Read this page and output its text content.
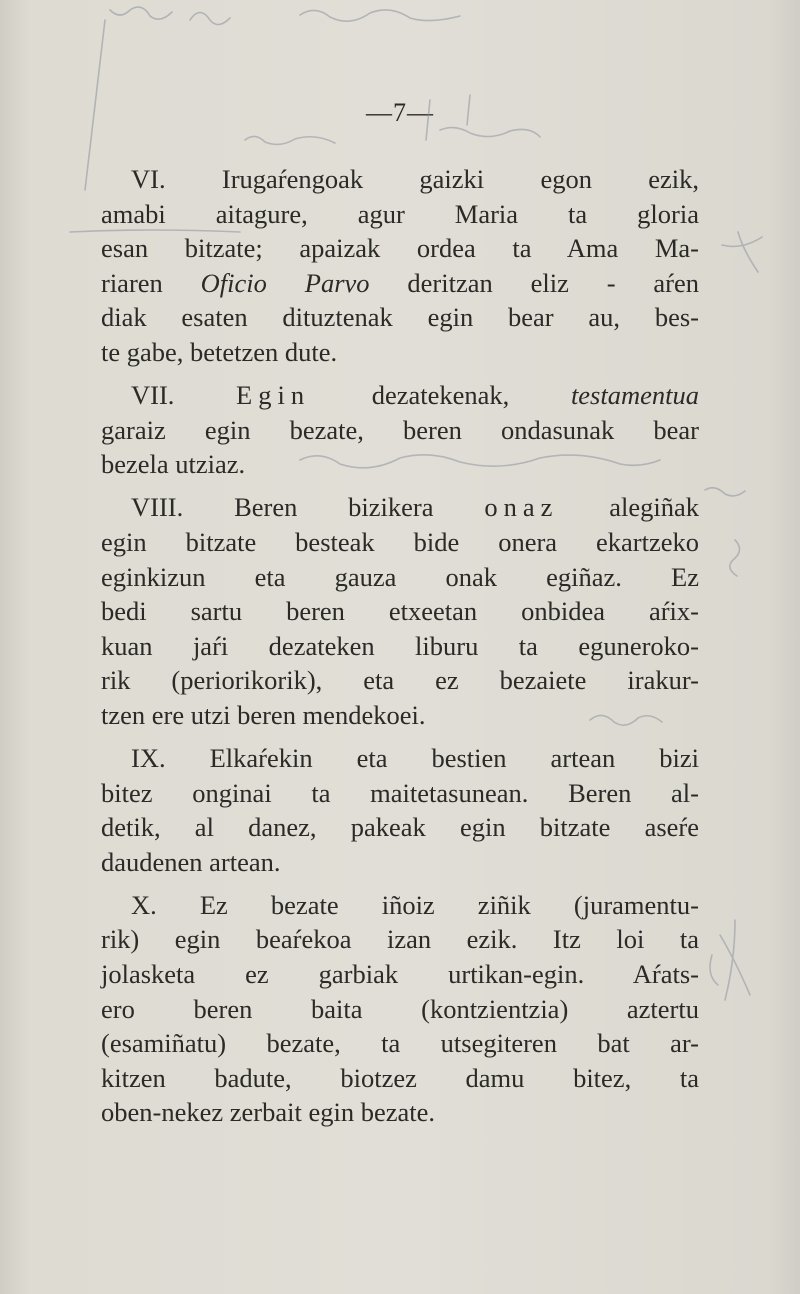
—7—
VI. Irugaŕengoak gaizki egon ezik,
amabi aitagure, agur Maria ta gloria
esan bitzate; apaizak ordea ta Ama Ma-
riaren Oficio Parvo deritzan eliz - aŕen
diak esaten dituztenak egin bear au, bes-
te gabe, betetzen dute.
VII. Egin dezatekenak, testamentua
garaiz egin bezate, beren ondasunak bear
bezela utziaz.
VIII. Beren bizikera onaz alegiñak
egin bitzate besteak bide onera ekartzeko
eginkizun eta gauza onak egiñaz. Ez
bedi sartu beren etxeetan onbidea aŕix-
kuan jaŕi dezateken liburu ta egunerokо-
rik (periorikorik), eta ez bezaiete irakur-
tzen ere utzi beren mendekoei.
IX. Elkaŕekin eta bestien artean bizi
bitez onginai ta maitetasunean. Beren al-
detik, al danez, pakeak egin bitzate aseŕe
daudenen artean.
X. Ez bezate iñoiz ziñik (juramentu-
rik) egin beaŕekoa izan ezik. Itz loi ta
jolasketa ez garbiak urtikan-egin. Aŕats-
ero beren baita (kontzientzia) aztertu
(esamiñatu) bezate, ta utsegiteren bat ar-
kitzen badute, biotzez damu bitez, ta
oben-nekez zerbait egin bezate.
